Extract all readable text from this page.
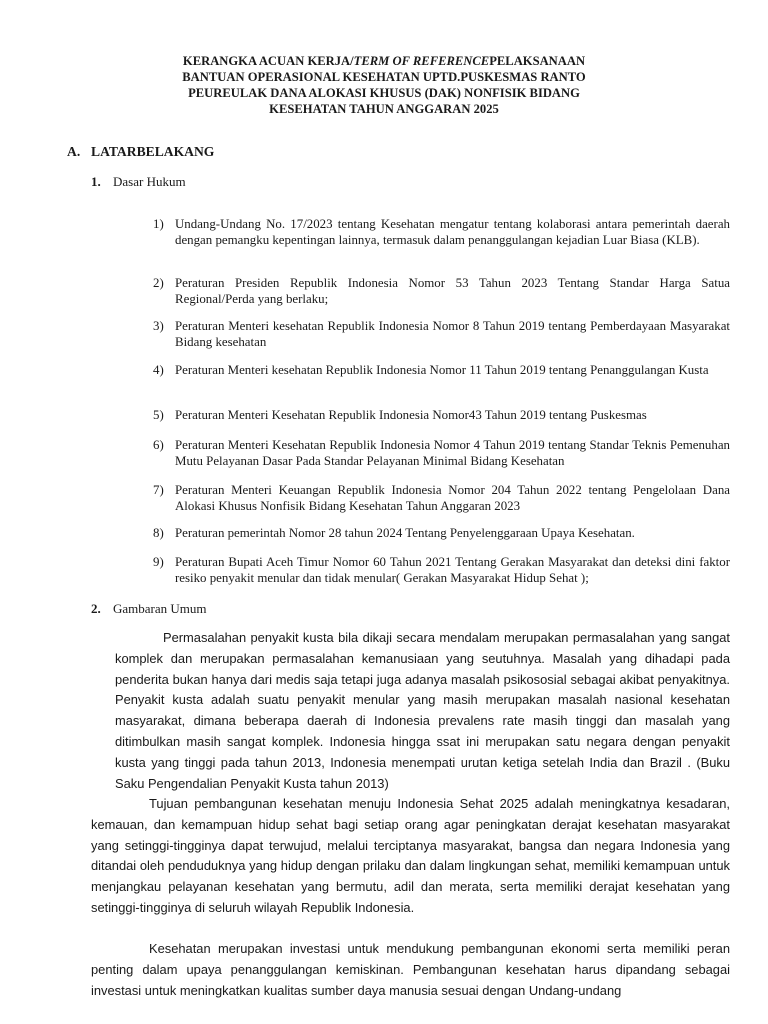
KERANGKA ACUAN KERJA/TERM OF REFERENCEPELAKSANAAN
BANTUAN OPERASIONAL KESEHATAN UPTD.PUSKESMAS RANTO
PEUREULAK DANA ALOKASI KHUSUS (DAK) NONFISIK BIDANG
KESEHATAN TAHUN ANGGARAN 2025
A. LATARBELAKANG
1. Dasar Hukum
1) Undang-Undang No. 17/2023 tentang Kesehatan mengatur tentang kolaborasi antara pemerintah daerah dengan pemangku kepentingan lainnya, termasuk dalam penanggulangan kejadian Luar Biasa (KLB).
2) Peraturan Presiden Republik Indonesia Nomor 53 Tahun 2023 Tentang Standar Harga Satua Regional/Perda yang berlaku;
3) Peraturan Menteri kesehatan Republik Indonesia Nomor 8 Tahun 2019 tentang Pemberdayaan Masyarakat Bidang kesehatan
4) Peraturan Menteri kesehatan Republik Indonesia Nomor 11 Tahun 2019 tentang Penanggulangan Kusta
5) Peraturan Menteri Kesehatan Republik Indonesia Nomor43 Tahun 2019 tentang Puskesmas
6) Peraturan Menteri Kesehatan Republik Indonesia Nomor 4 Tahun 2019 tentang Standar Teknis Pemenuhan Mutu Pelayanan Dasar Pada Standar Pelayanan Minimal Bidang Kesehatan
7) Peraturan Menteri Keuangan Republik Indonesia Nomor 204 Tahun 2022 tentang Pengelolaan Dana Alokasi Khusus Nonfisik Bidang Kesehatan Tahun Anggaran 2023
8) Peraturan pemerintah Nomor 28 tahun 2024 Tentang Penyelenggaraan Upaya Kesehatan.
9) Peraturan Bupati Aceh Timur Nomor 60 Tahun 2021 Tentang Gerakan Masyarakat dan deteksi dini faktor resiko penyakit menular dan tidak menular( Gerakan Masyarakat Hidup Sehat );
2. Gambaran Umum
Permasalahan penyakit kusta bila dikaji secara mendalam merupakan permasalahan yang sangat komplek dan merupakan permasalahan kemanusiaan yang seutuhnya. Masalah yang dihadapi pada penderita bukan hanya dari medis saja tetapi juga adanya masalah psikososial sebagai akibat penyakitnya. Penyakit kusta adalah suatu penyakit menular yang masih merupakan masalah nasional kesehatan masyarakat, dimana beberapa daerah di Indonesia prevalens rate masih tinggi dan masalah yang ditimbulkan masih sangat komplek. Indonesia hingga ssat ini merupakan satu negara dengan penyakit kusta yang tinggi pada tahun 2013, Indonesia menempati urutan ketiga setelah India dan Brazil . (Buku Saku Pengendalian Penyakit Kusta tahun 2013)
Tujuan pembangunan kesehatan menuju Indonesia Sehat 2025 adalah meningkatnya kesadaran, kemauan, dan kemampuan hidup sehat bagi setiap orang agar peningkatan derajat kesehatan masyarakat yang setinggi-tingginya dapat terwujud, melalui terciptanya masyarakat, bangsa dan negara Indonesia yang ditandai oleh penduduknya yang hidup dengan prilaku dan dalam lingkungan sehat, memiliki kemampuan untuk menjangkau pelayanan kesehatan yang bermutu, adil dan merata, serta memiliki derajat kesehatan yang setinggi-tingginya di seluruh wilayah Republik Indonesia.
Kesehatan merupakan investasi untuk mendukung pembangunan ekonomi serta memiliki peran penting dalam upaya penanggulangan kemiskinan. Pembangunan kesehatan harus dipandang sebagai investasi untuk meningkatkan kualitas sumber daya manusia sesuai dengan Undang-undang
